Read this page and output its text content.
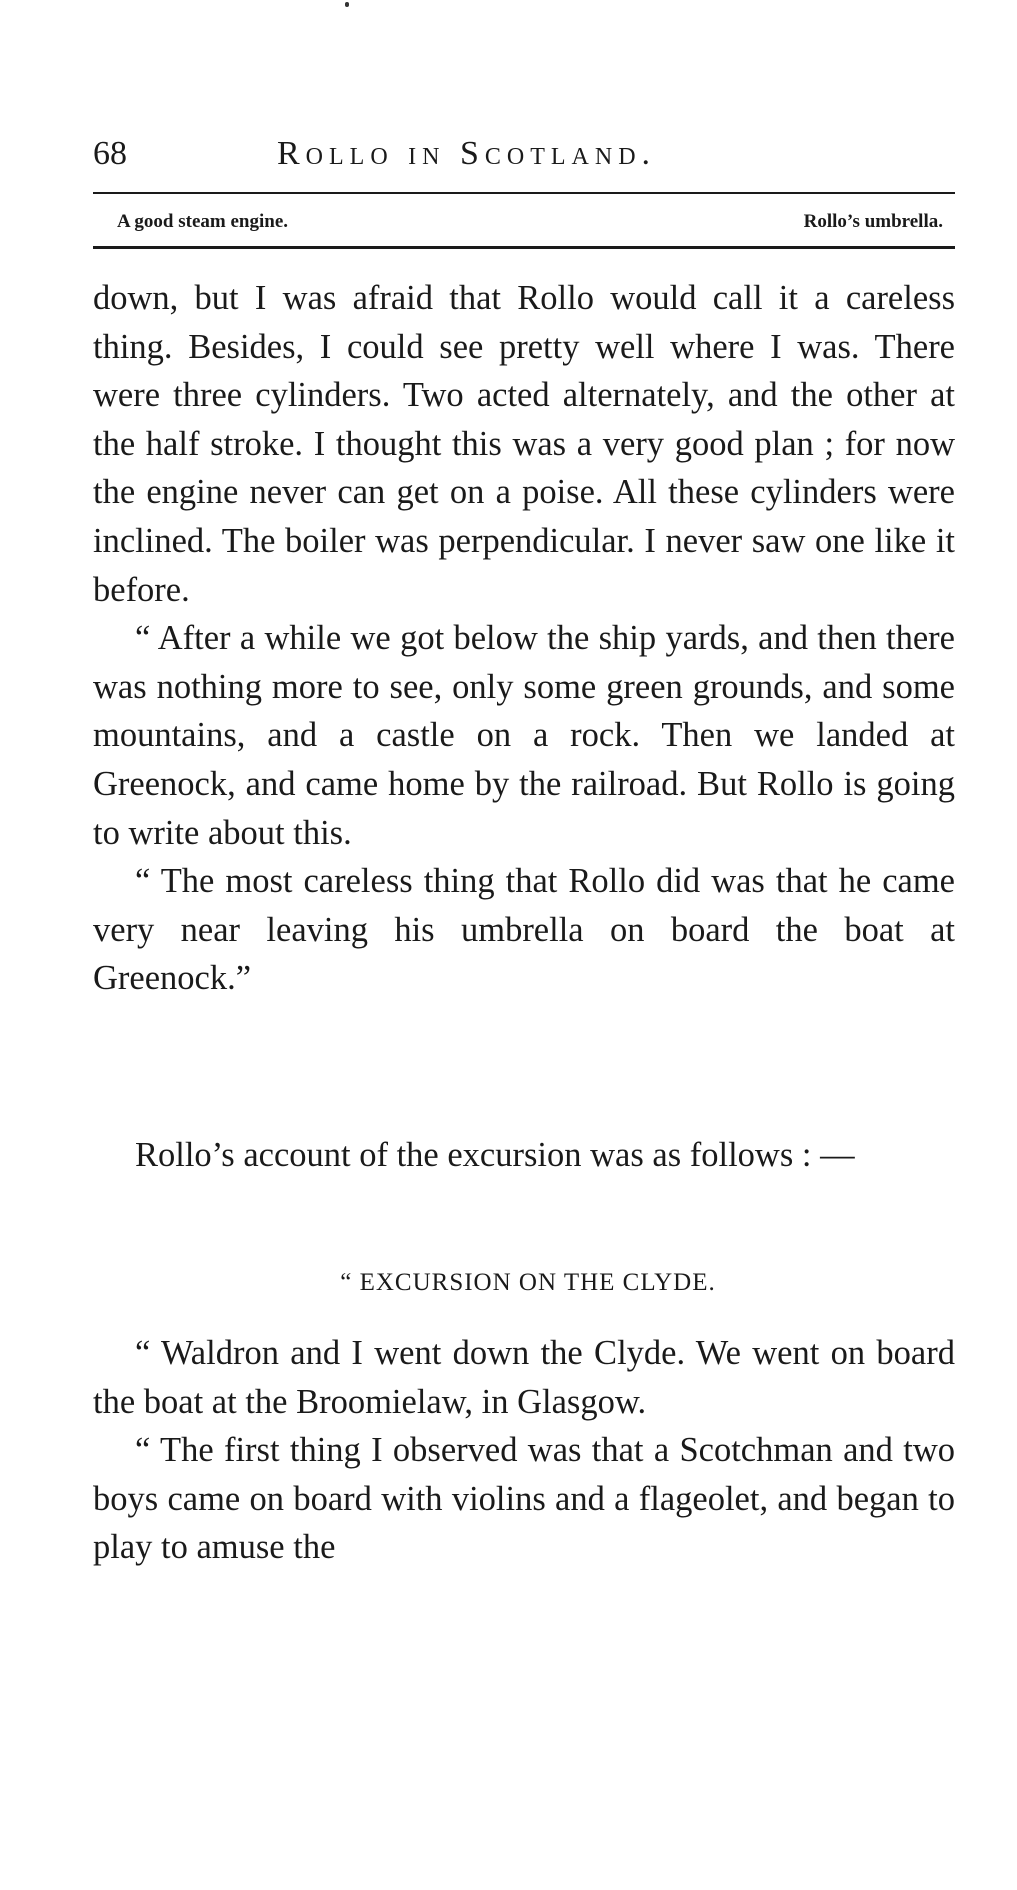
68	Rollo in Scotland.
A good steam engine.	Rollo’s umbrella.

down, but I was afraid that Rollo would call it a careless thing. Besides, I could see pretty well where I was. There were three cylinders. Two acted alternately, and the other at the half stroke. I thought this was a very good plan ; for now the engine never can get on a poise. All these cylinders were inclined. The boiler was perpendicular. I never saw one like it before.

“ After a while we got below the ship yards, and then there was nothing more to see, only some green grounds, and some mountains, and a castle on a rock. Then we landed at Greenock, and came home by the railroad. But Rollo is going to write about this.

“ The most careless thing that Rollo did was that he came very near leaving his umbrella on board the boat at Greenock.”

Rollo’s account of the excursion was as follows : —

“ EXCURSION ON THE CLYDE.

“ Waldron and I went down the Clyde. We went on board the boat at the Broomielaw, in Glasgow.

“ The first thing I observed was that a Scotchman and two boys came on board with violins and a flageolet, and began to play to amuse the
